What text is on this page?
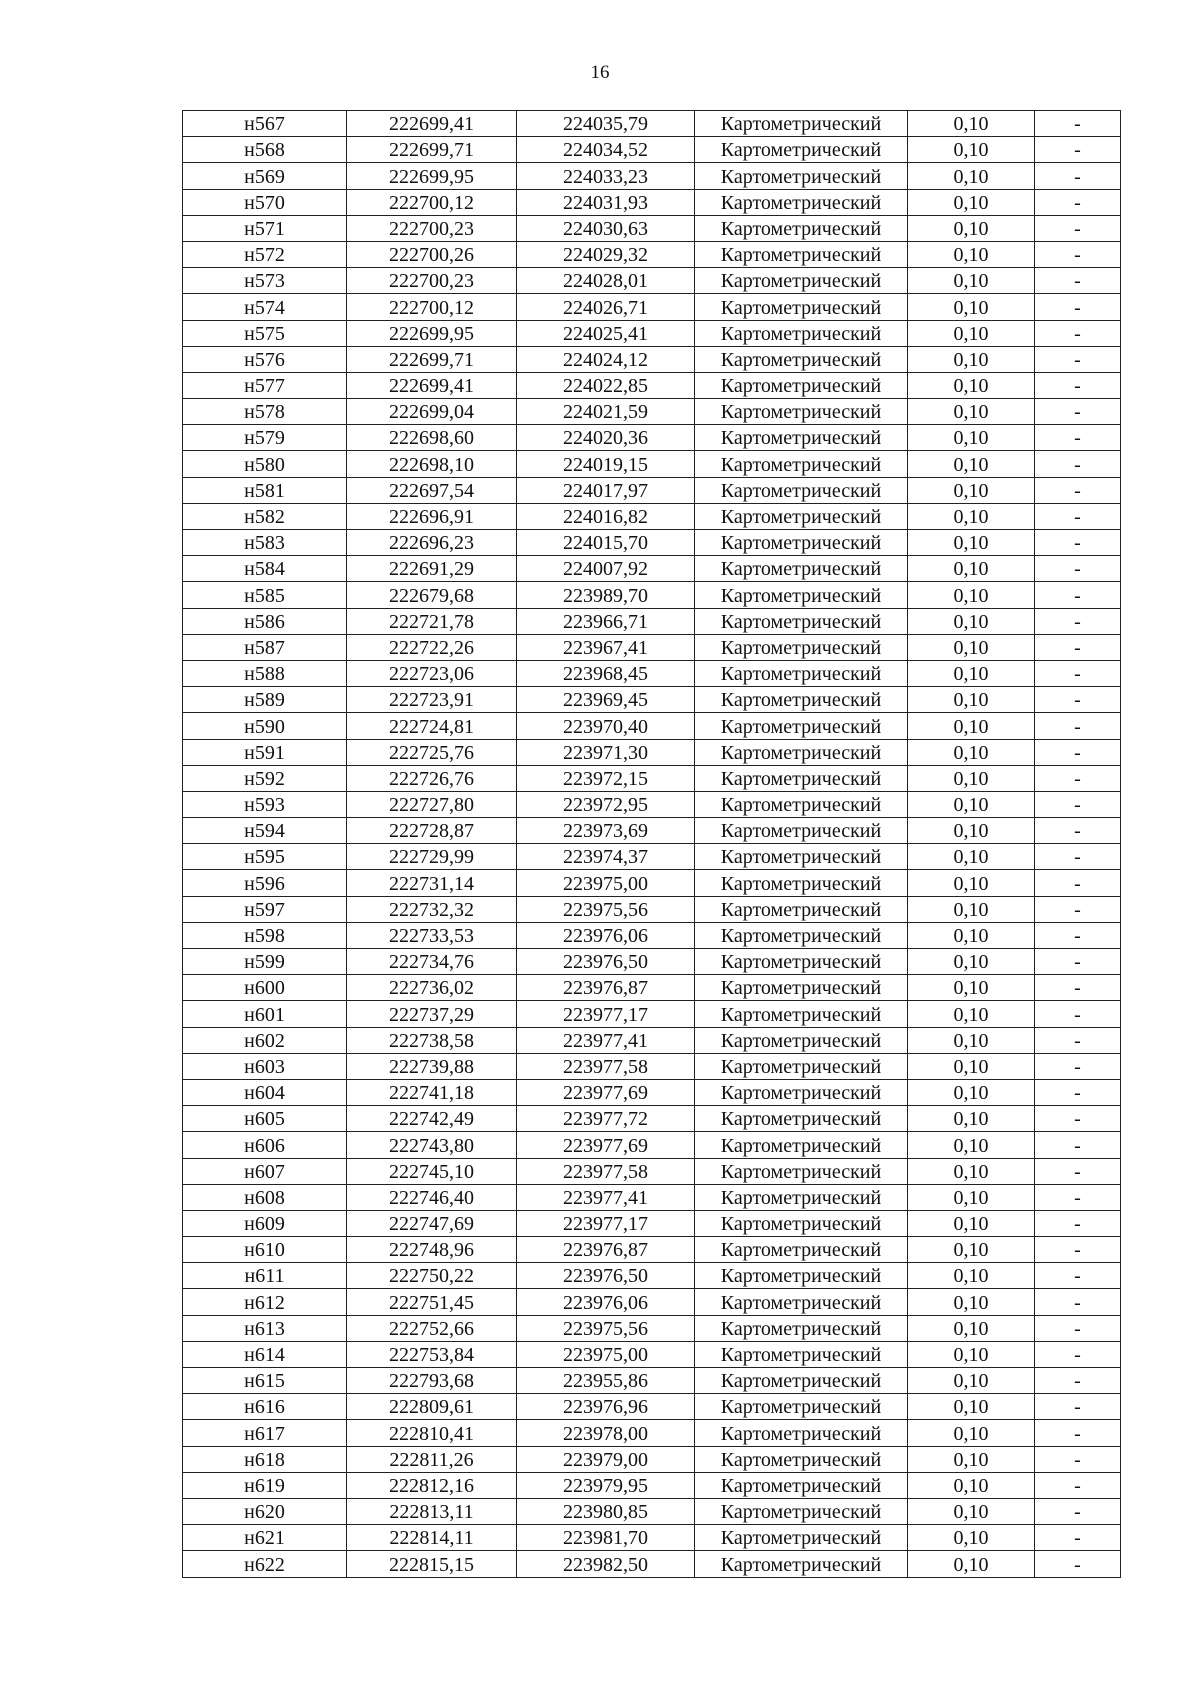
16
н567	222699,41	224035,79	Картометрический	0,10	-
н568	222699,71	224034,52	Картометрический	0,10	-
н569	222699,95	224033,23	Картометрический	0,10	-
н570	222700,12	224031,93	Картометрический	0,10	-
н571	222700,23	224030,63	Картометрический	0,10	-
н572	222700,26	224029,32	Картометрический	0,10	-
н573	222700,23	224028,01	Картометрический	0,10	-
н574	222700,12	224026,71	Картометрический	0,10	-
н575	222699,95	224025,41	Картометрический	0,10	-
н576	222699,71	224024,12	Картометрический	0,10	-
н577	222699,41	224022,85	Картометрический	0,10	-
н578	222699,04	224021,59	Картометрический	0,10	-
н579	222698,60	224020,36	Картометрический	0,10	-
н580	222698,10	224019,15	Картометрический	0,10	-
н581	222697,54	224017,97	Картометрический	0,10	-
н582	222696,91	224016,82	Картометрический	0,10	-
н583	222696,23	224015,70	Картометрический	0,10	-
н584	222691,29	224007,92	Картометрический	0,10	-
н585	222679,68	223989,70	Картометрический	0,10	-
н586	222721,78	223966,71	Картометрический	0,10	-
н587	222722,26	223967,41	Картометрический	0,10	-
н588	222723,06	223968,45	Картометрический	0,10	-
н589	222723,91	223969,45	Картометрический	0,10	-
н590	222724,81	223970,40	Картометрический	0,10	-
н591	222725,76	223971,30	Картометрический	0,10	-
н592	222726,76	223972,15	Картометрический	0,10	-
н593	222727,80	223972,95	Картометрический	0,10	-
н594	222728,87	223973,69	Картометрический	0,10	-
н595	222729,99	223974,37	Картометрический	0,10	-
н596	222731,14	223975,00	Картометрический	0,10	-
н597	222732,32	223975,56	Картометрический	0,10	-
н598	222733,53	223976,06	Картометрический	0,10	-
н599	222734,76	223976,50	Картометрический	0,10	-
н600	222736,02	223976,87	Картометрический	0,10	-
н601	222737,29	223977,17	Картометрический	0,10	-
н602	222738,58	223977,41	Картометрический	0,10	-
н603	222739,88	223977,58	Картометрический	0,10	-
н604	222741,18	223977,69	Картометрический	0,10	-
н605	222742,49	223977,72	Картометрический	0,10	-
н606	222743,80	223977,69	Картометрический	0,10	-
н607	222745,10	223977,58	Картометрический	0,10	-
н608	222746,40	223977,41	Картометрический	0,10	-
н609	222747,69	223977,17	Картометрический	0,10	-
н610	222748,96	223976,87	Картометрический	0,10	-
н611	222750,22	223976,50	Картометрический	0,10	-
н612	222751,45	223976,06	Картометрический	0,10	-
н613	222752,66	223975,56	Картометрический	0,10	-
н614	222753,84	223975,00	Картометрический	0,10	-
н615	222793,68	223955,86	Картометрический	0,10	-
н616	222809,61	223976,96	Картометрический	0,10	-
н617	222810,41	223978,00	Картометрический	0,10	-
н618	222811,26	223979,00	Картометрический	0,10	-
н619	222812,16	223979,95	Картометрический	0,10	-
н620	222813,11	223980,85	Картометрический	0,10	-
н621	222814,11	223981,70	Картометрический	0,10	-
н622	222815,15	223982,50	Картометрический	0,10	-
